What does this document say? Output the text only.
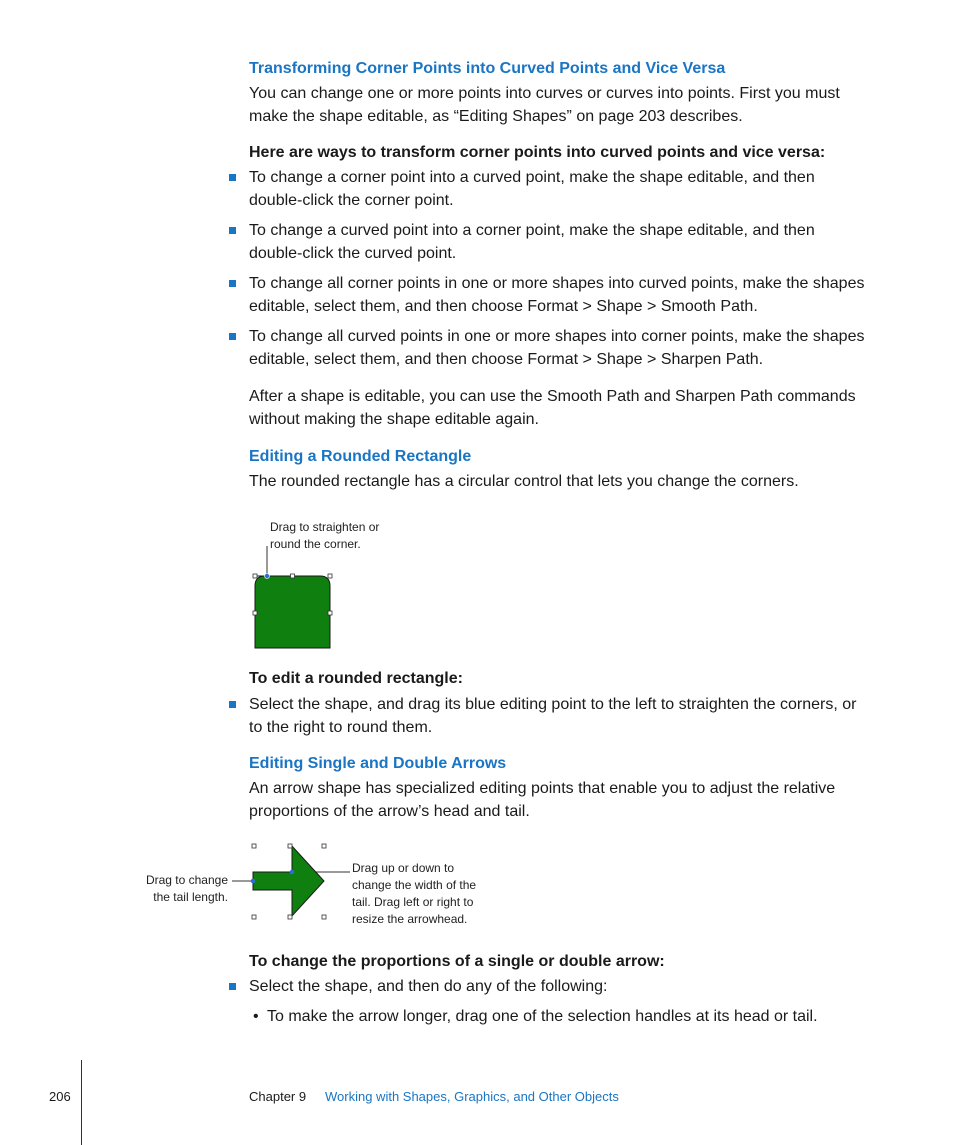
Transforming Corner Points into Curved Points and Vice Versa
You can change one or more points into curves or curves into points. First you must
make the shape editable, as “Editing Shapes” on page 203 describes.
Here are ways to transform corner points into curved points and vice versa:
To change a corner point into a curved point, make the shape editable, and then
double-click the corner point.
To change a curved point into a corner point, make the shape editable, and then
double-click the curved point.
To change all corner points in one or more shapes into curved points, make the shapes
editable, select them, and then choose Format > Shape > Smooth Path.
To change all curved points in one or more shapes into corner points, make the shapes
editable, select them, and then choose Format > Shape > Sharpen Path.
After a shape is editable, you can use the Smooth Path and Sharpen Path commands
without making the shape editable again.
Editing a Rounded Rectangle
The rounded rectangle has a circular control that lets you change the corners.
Drag to straighten or
round the corner.
To edit a rounded rectangle:
Select the shape, and drag its blue editing point to the left to straighten the corners, or
to the right to round them.
Editing Single and Double Arrows
An arrow shape has specialized editing points that enable you to adjust the relative
proportions of the arrow’s head and tail.
Drag to change
the tail length.
Drag up or down to
change the width of the
tail. Drag left or right to
resize the arrowhead.
To change the proportions of a single or double arrow:
Select the shape, and then do any of the following:
• To make the arrow longer, drag one of the selection handles at its head or tail.
206	Chapter 9 Working with Shapes, Graphics, and Other Objects
